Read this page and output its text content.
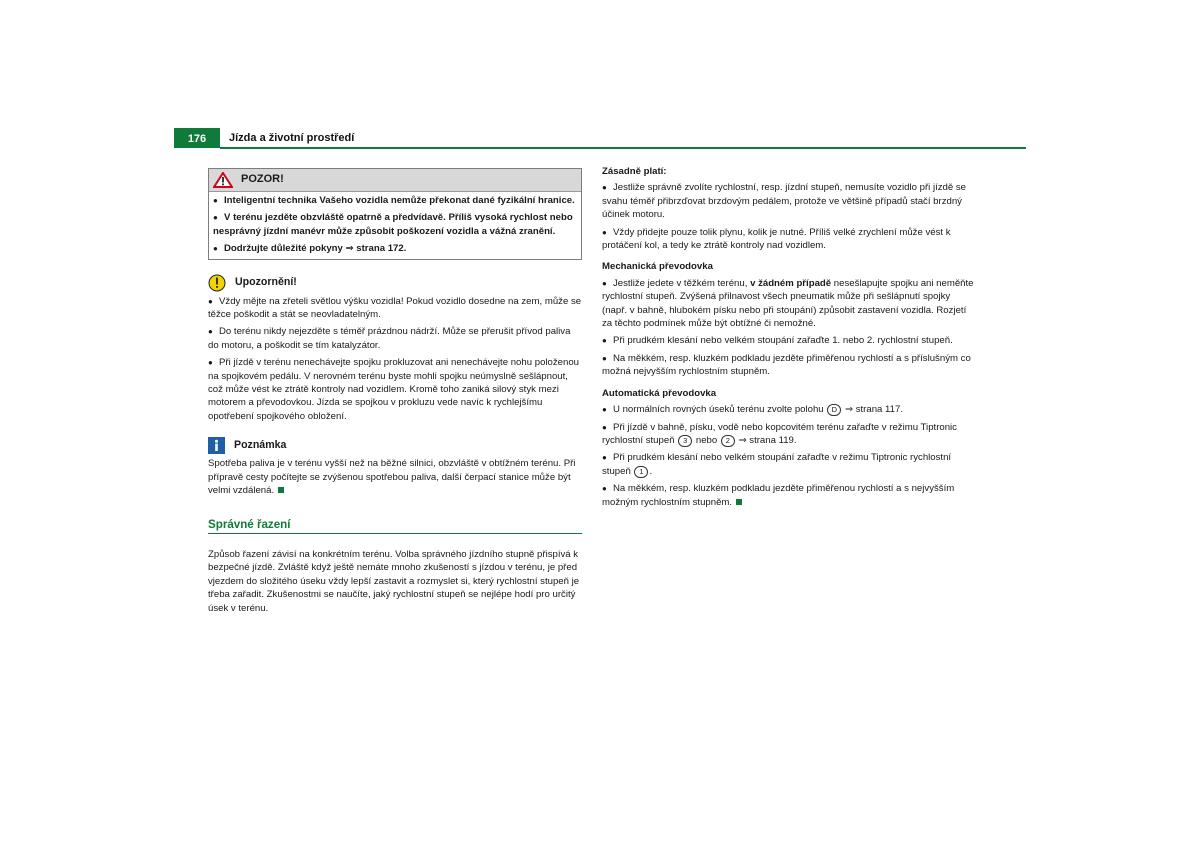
176	Jízda a životní prostředí
POZOR!

● Inteligentní technika Vašeho vozidla nemůže překonat dané fyzikální hranice.

● V terénu jezděte obzvláště opatrně a předvídavě. Příliš vysoká rychlost nebo nesprávný jízdní manévr může způsobit poškození vozidla a vážná zranění.

● Dodržujte důležité pokyny ⇒ strana 172.

Upozornění!

● Vždy mějte na zřeteli světlou výšku vozidla! Pokud vozidlo dosedne na zem, může se těžce poškodit a stát se neovladatelným.

● Do terénu nikdy nejezděte s téměř prázdnou nádrží. Může se přerušit přívod paliva do motoru, a poškodit se tím katalyzátor.

● Při jízdě v terénu nenechávejte spojku prokluzovat ani nenechávejte nohu položenou na spojkovém pedálu. V nerovném terénu byste mohli spojku neúmyslně sešlápnout, což může vést ke ztrátě kontroly nad vozidlem. Kromě toho zaniká silový styk mezi motorem a převodovkou. Jízda se spojkou v prokluzu vede navíc k rychlejšímu opotřebení spojkového obložení.

Poznámka

Spotřeba paliva je v terénu vyšší než na běžné silnici, obzvláště v obtížném terénu. Při přípravě cesty počítejte se zvýšenou spotřebou paliva, další čerpací stanice může být velmi vzdálená.

Správné řazení

Způsob řazení závisí na konkrétním terénu. Volba správného jízdního stupně přispívá k bezpečné jízdě. Zvláště když ještě nemáte mnoho zkušeností s jízdou v terénu, je před vjezdem do složitého úseku vždy lepší zastavit a rozmyslet si, který rychlostní stupeň je třeba zařadit. Zkušenostmi se naučíte, jaký rychlostní stupeň se nejlépe hodí pro určitý úsek v terénu.

Zásadně platí:

● Jestliže správně zvolíte rychlostní, resp. jízdní stupeň, nemusíte vozidlo při jízdě se svahu téměř přibrzďovat brzdovým pedálem, protože ve většině případů stačí brzdný účinek motoru.

● Vždy přidejte pouze tolik plynu, kolik je nutné. Příliš velké zrychlení může vést k protáčení kol, a tedy ke ztrátě kontroly nad vozidlem.

Mechanická převodovka

● Jestliže jedete v těžkém terénu, v žádném případě nesešlapujte spojku ani neměňte rychlostní stupeň. Zvýšená přilnavost všech pneumatik může při sešlápnutí spojky (např. v bahně, hlubokém písku nebo při stoupání) způsobit zastavení vozidla. Rozjetí za těchto podmínek může být obtížné či nemožné.

● Při prudkém klesání nebo velkém stoupání zařaďte 1. nebo 2. rychlostní stupeň.

● Na měkkém, resp. kluzkém podkladu jezděte přiměřenou rychlostí a s příslušným co možná nejvyšším rychlostním stupněm.

Automatická převodovka

● U normálních rovných úseků terénu zvolte polohu D ⇒ strana 117.

● Při jízdě v bahně, písku, vodě nebo kopcovitém terénu zařaďte v režimu Tiptronic rychlostní stupeň 3 nebo 2 ⇒ strana 119.

● Při prudkém klesání nebo velkém stoupání zařaďte v režimu Tiptronic rychlostní stupeň 1 .

● Na měkkém, resp. kluzkém podkladu jezděte přiměřenou rychlostí a s nejvyšším možným rychlostním stupněm.
